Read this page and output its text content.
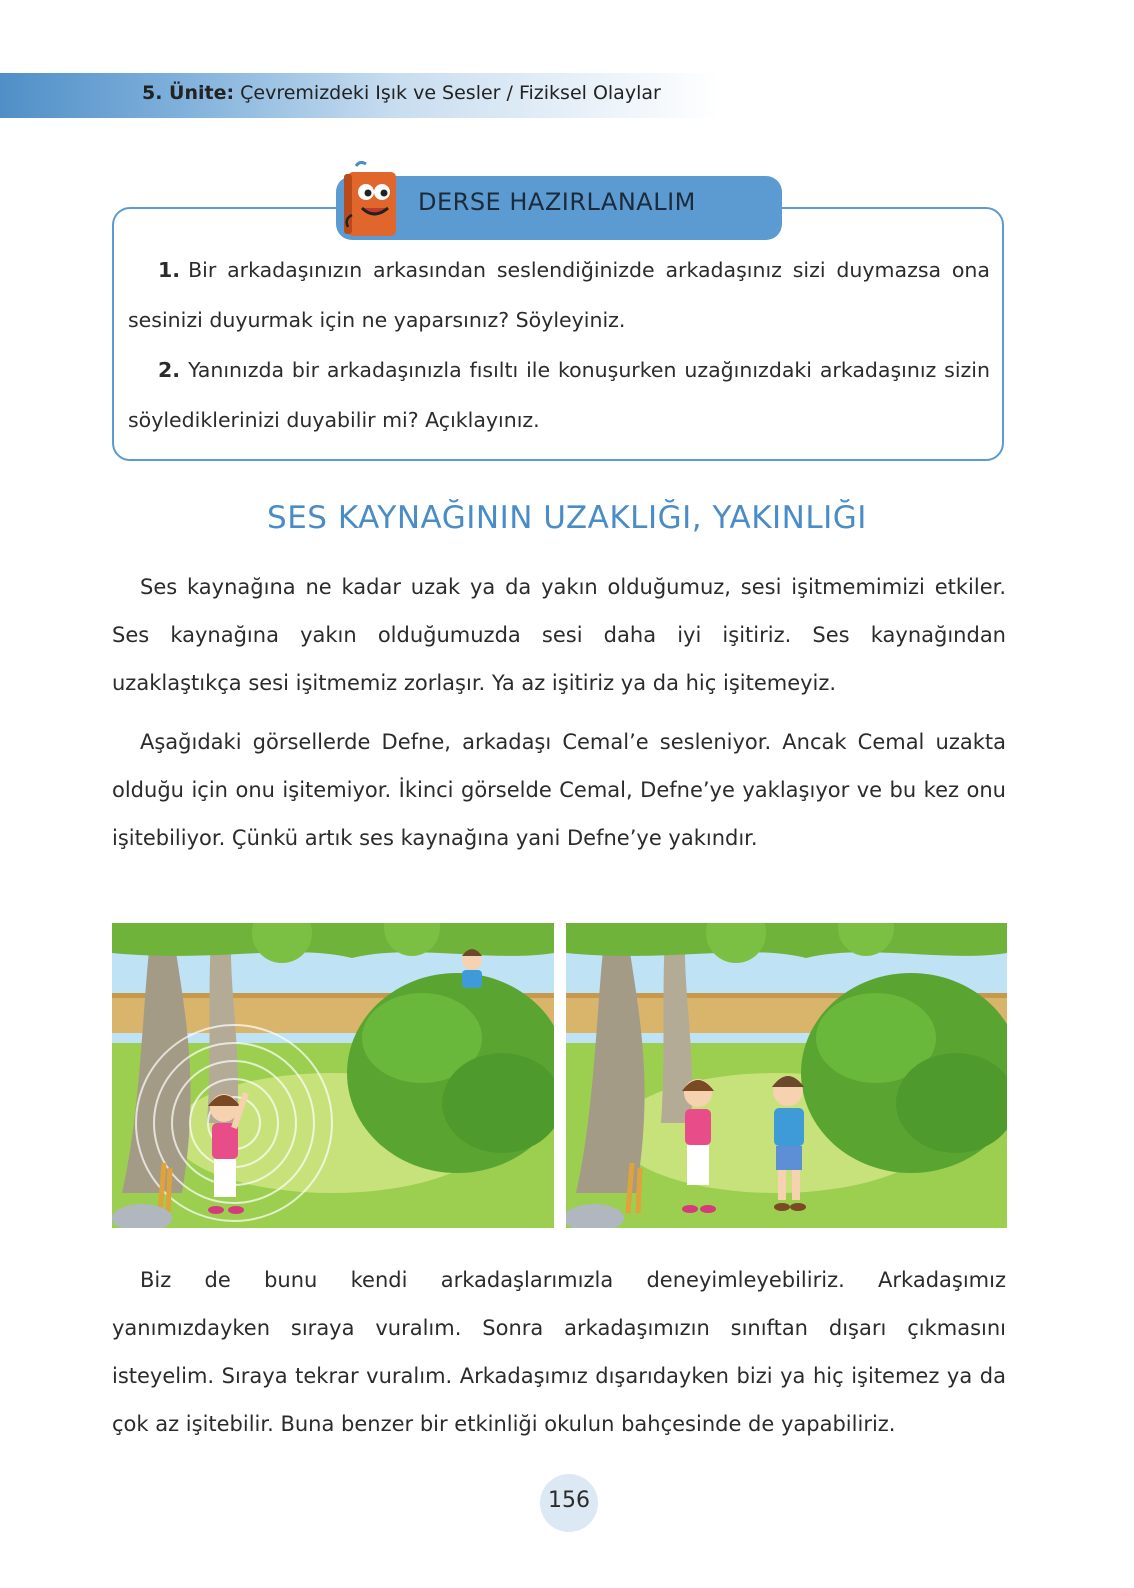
5. Ünite: Çevremizdeki Işık ve Sesler / Fiziksel Olaylar
DERSE HAZIRLANALIM
1. Bir arkadaşınızın arkasından seslendiğinizde arkadaşınız sizi duymazsa ona sesinizi duyurmak için ne yaparsınız? Söyleyiniz.
2. Yanınızda bir arkadaşınızla fısıltı ile konuşurken uzağınızdaki arkadaşınız sizin söylediklerinizi duyabilir mi? Açıklayınız.
SES KAYNAĞININ UZAKLIĞI, YAKINLIĞI
Ses kaynağına ne kadar uzak ya da yakın olduğumuz, sesi işitmemimizi etkiler. Ses kaynağına yakın olduğumuzda sesi daha iyi işitiriz. Ses kaynağından uzaklaştıkça sesi işitmemiz zorlaşır. Ya az işitiriz ya da hiç işitemeyiz.
Aşağıdaki görsellerde Defne, arkadaşı Cemal’e sesleniyor. Ancak Cemal uzakta olduğu için onu işitemiyor. İkinci görselde Cemal, Defne’ye yaklaşıyor ve bu kez onu işitebiliyor. Çünkü artık ses kaynağına yani Defne’ye yakındır.
Biz de bunu kendi arkadaşlarımızla deneyimleyebiliriz. Arkadaşımız yanımızdayken sıraya vuralım. Sonra arkadaşımızın sınıftan dışarı çıkmasını isteyelim. Sıraya tekrar vuralım. Arkadaşımız dışarıdayken bizi ya hiç işitemez ya da çok az işitebilir. Buna benzer bir etkinliği okulun bahçesinde de yapabiliriz.
156
